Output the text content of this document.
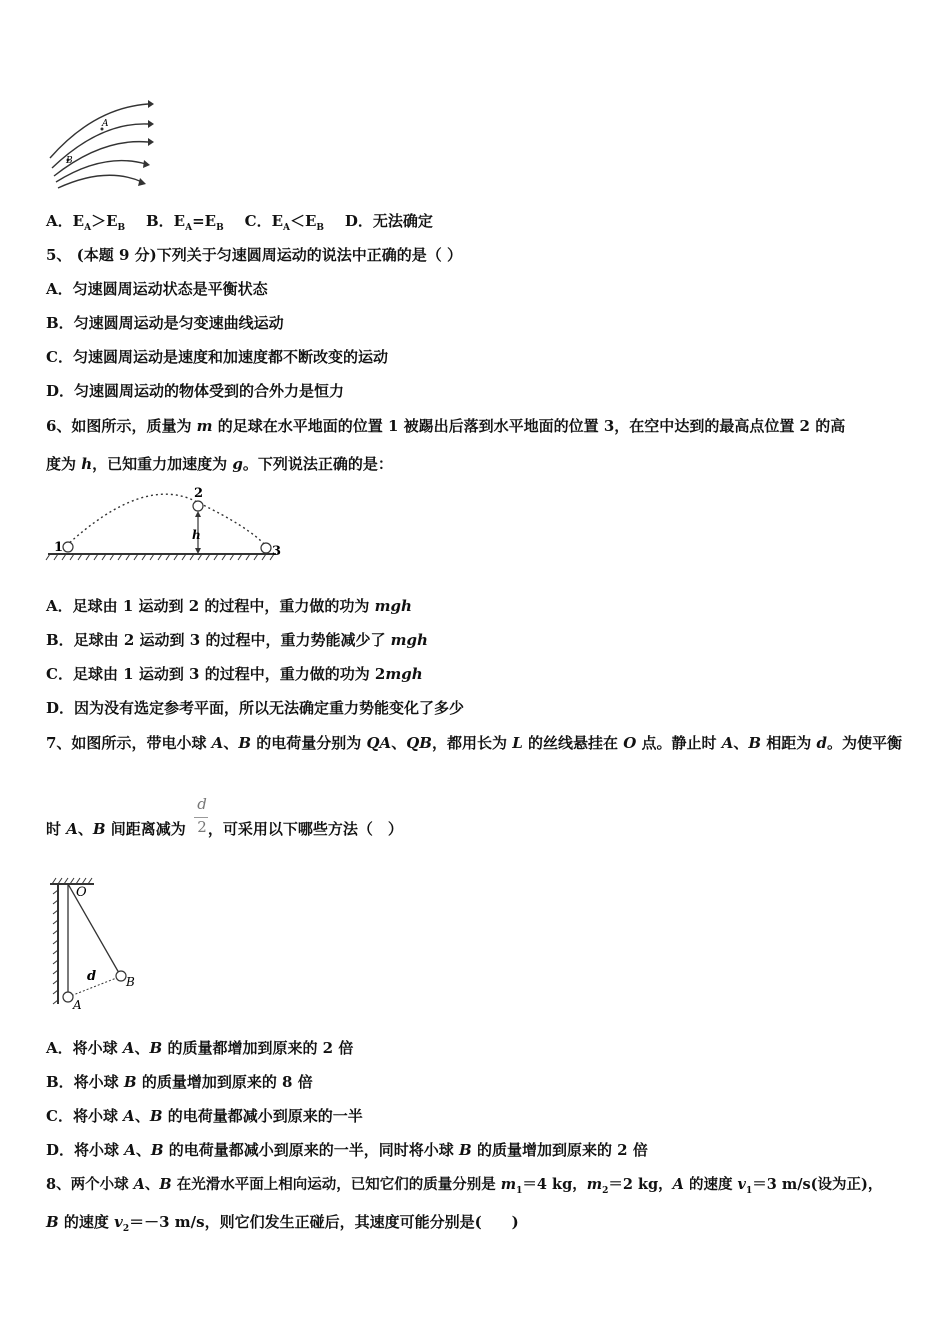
A
B
A．$E_A>E_B$ B．$E_A=E_B$ C．$E_A<E_B$ D．无法确定
5、 (本题 9 分)下列关于匀速圆周运动的说法中正确的是（ ）
A．匀速圆周运动状态是平衡状态
B．匀速圆周运动是匀变速曲线运动
C．匀速圆周运动是速度和加速度都不断改变的运动
D．匀速圆周运动的物体受到的合外力是恒力
6、如图所示，质量为 m 的足球在水平地面的位置 1 被踢出后落到水平地面的位置 3，在空中达到的最高点位置 2 的高
度为 h，已知重力加速度为 g。下列说法正确的是：
1
2
3
h
A．足球由 1 运动到 2 的过程中，重力做的功为 mgh
B．足球由 2 运动到 3 的过程中，重力势能减少了 mgh
C．足球由 1 运动到 3 的过程中，重力做的功为 2mgh
D．因为没有选定参考平面，所以无法确定重力势能变化了多少
7、如图所示，带电小球 A、B 的电荷量分别为 QA、QB，都用长为 L 的丝线悬挂在 O 点。静止时 A、B 相距为 d。为使平衡
时 A、B 间距离减为 ，可采用以下哪些方法（　）
d
2
O
B
d
A
A．将小球 A、B 的质量都增加到原来的 2 倍
B．将小球 B 的质量增加到原来的 8 倍
C．将小球 A、B 的电荷量都减小到原来的一半
D．将小球 A、B 的电荷量都减小到原来的一半，同时将小球 B 的质量增加到原来的 2 倍
8、两个小球 A、B 在光滑水平面上相向运动，已知它们的质量分别是 $m_1=4$ kg，$m_2=2$ kg，A 的速度 $v_1=3$ m/s(设为正)，
B 的速度 $v_2=-3$ m/s，则它们发生正碰后，其速度可能分别是(　　)
